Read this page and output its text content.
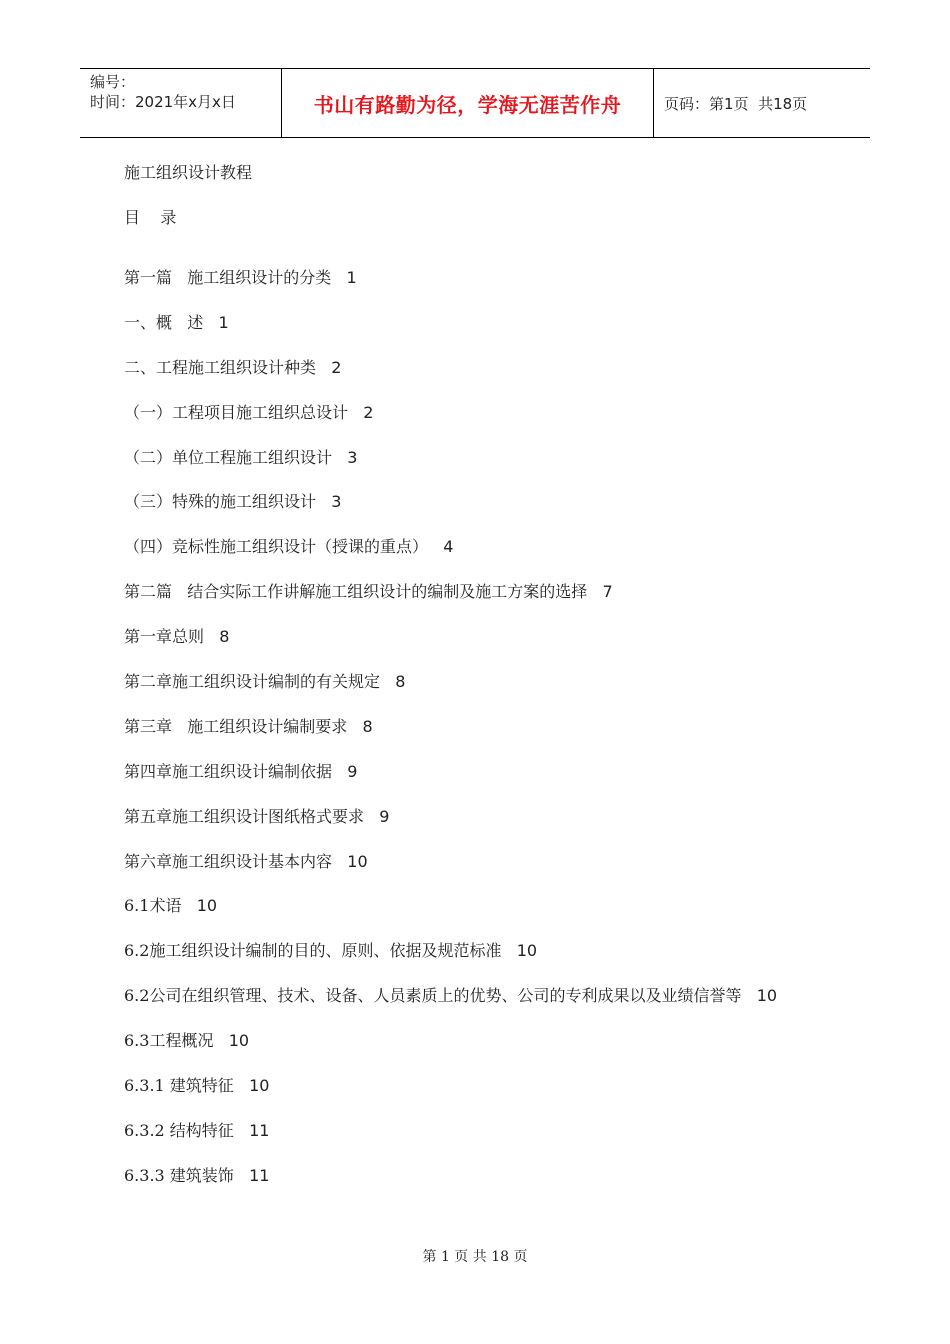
编号：
时间：2021年x月x日	书山有路勤为径，学海无涯苦作舟	页码：第1页  共18页
施工组织设计教程
目    录
第一篇   施工组织设计的分类 1
一、概   述 1
二、工程施工组织设计种类 2
（一）工程项目施工组织总设计 2
（二）单位工程施工组织设计 3
（三）特殊的施工组织设计 3
（四）竞标性施工组织设计（授课的重点） 4
第二篇   结合实际工作讲解施工组织设计的编制及施工方案的选择 7
第一章总则 8
第二章施工组织设计编制的有关规定 8
第三章   施工组织设计编制要求 8
第四章施工组织设计编制依据 9
第五章施工组织设计图纸格式要求 9
第六章施工组织设计基本内容 10
6.1术语 10
6.2施工组织设计编制的目的、原则、依据及规范标准 10
6.2公司在组织管理、技术、设备、人员素质上的优势、公司的专利成果以及业绩信誉等 10
6.3工程概况 10
6.3.1 建筑特征 10
6.3.2 结构特征 11
6.3.3 建筑装饰 11
第 1 页 共 18 页
